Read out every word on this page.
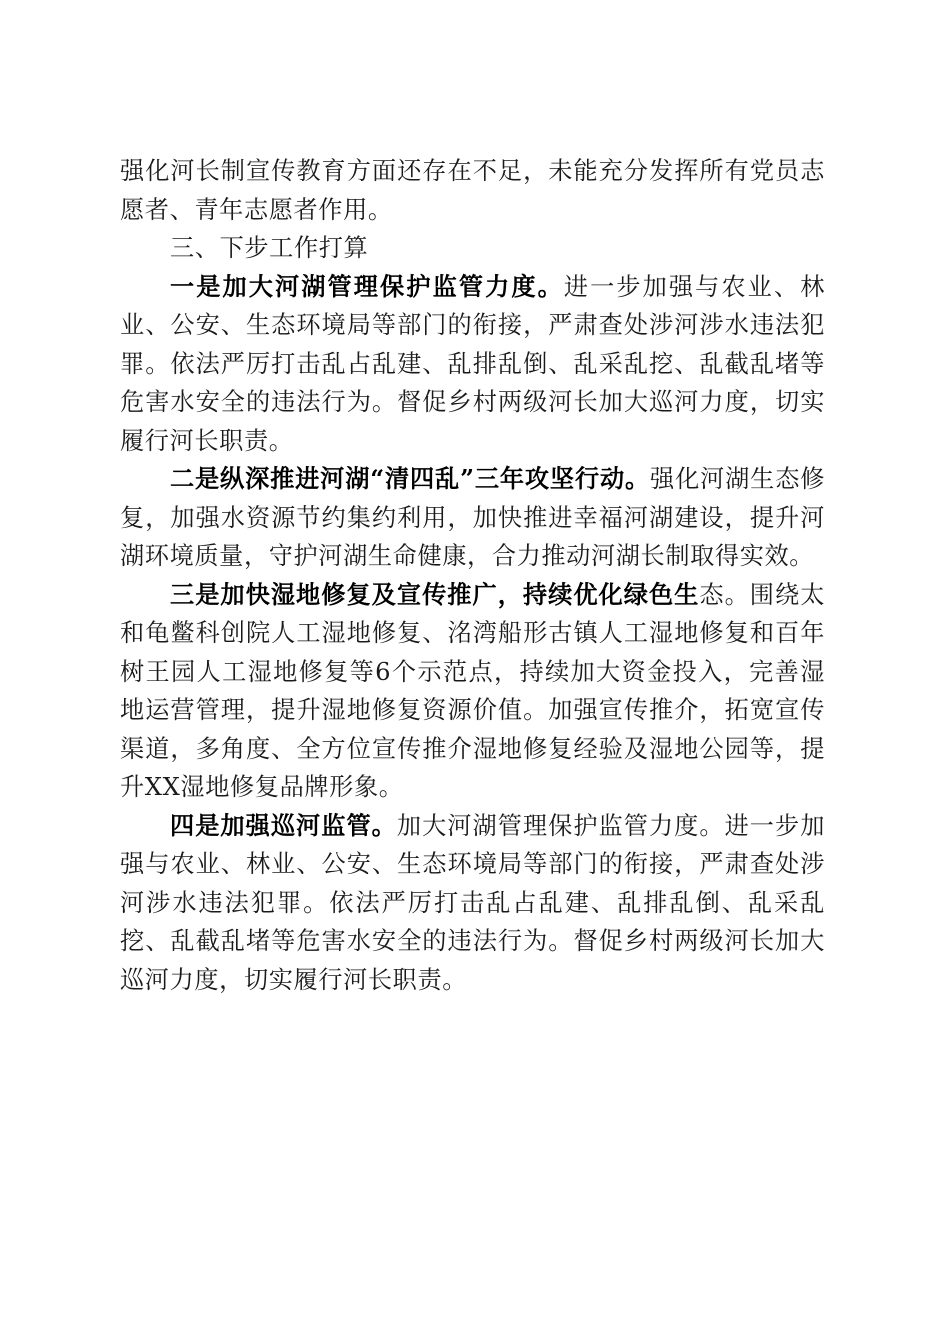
强化河长制宣传教育方面还存在不足，未能充分发挥所有党员志愿者、青年志愿者作用。

三、下步工作打算

一是加大河湖管理保护监管力度。进一步加强与农业、林业、公安、生态环境局等部门的衔接，严肃查处涉河涉水违法犯罪。依法严厉打击乱占乱建、乱排乱倒、乱采乱挖、乱截乱堵等危害水安全的违法行为。督促乡村两级河长加大巡河力度，切实履行河长职责。

二是纵深推进河湖“清四乱”三年攻坚行动。强化河湖生态修复，加强水资源节约集约利用，加快推进幸福河湖建设，提升河湖环境质量，守护河湖生命健康，合力推动河湖长制取得实效。

三是加快湿地修复及宣传推广，持续优化绿色生态。围绕太和龟鳖科创院人工湿地修复、洺湾船形古镇人工湿地修复和百年树王园人工湿地修复等6个示范点，持续加大资金投入，完善湿地运营管理，提升湿地修复资源价值。加强宣传推介，拓宽宣传渠道，多角度、全方位宣传推介湿地修复经验及湿地公园等，提升XX湿地修复品牌形象。

四是加强巡河监管。加大河湖管理保护监管力度。进一步加强与农业、林业、公安、生态环境局等部门的衔接，严肃查处涉河涉水违法犯罪。依法严厉打击乱占乱建、乱排乱倒、乱采乱挖、乱截乱堵等危害水安全的违法行为。督促乡村两级河长加大巡河力度，切实履行河长职责。
